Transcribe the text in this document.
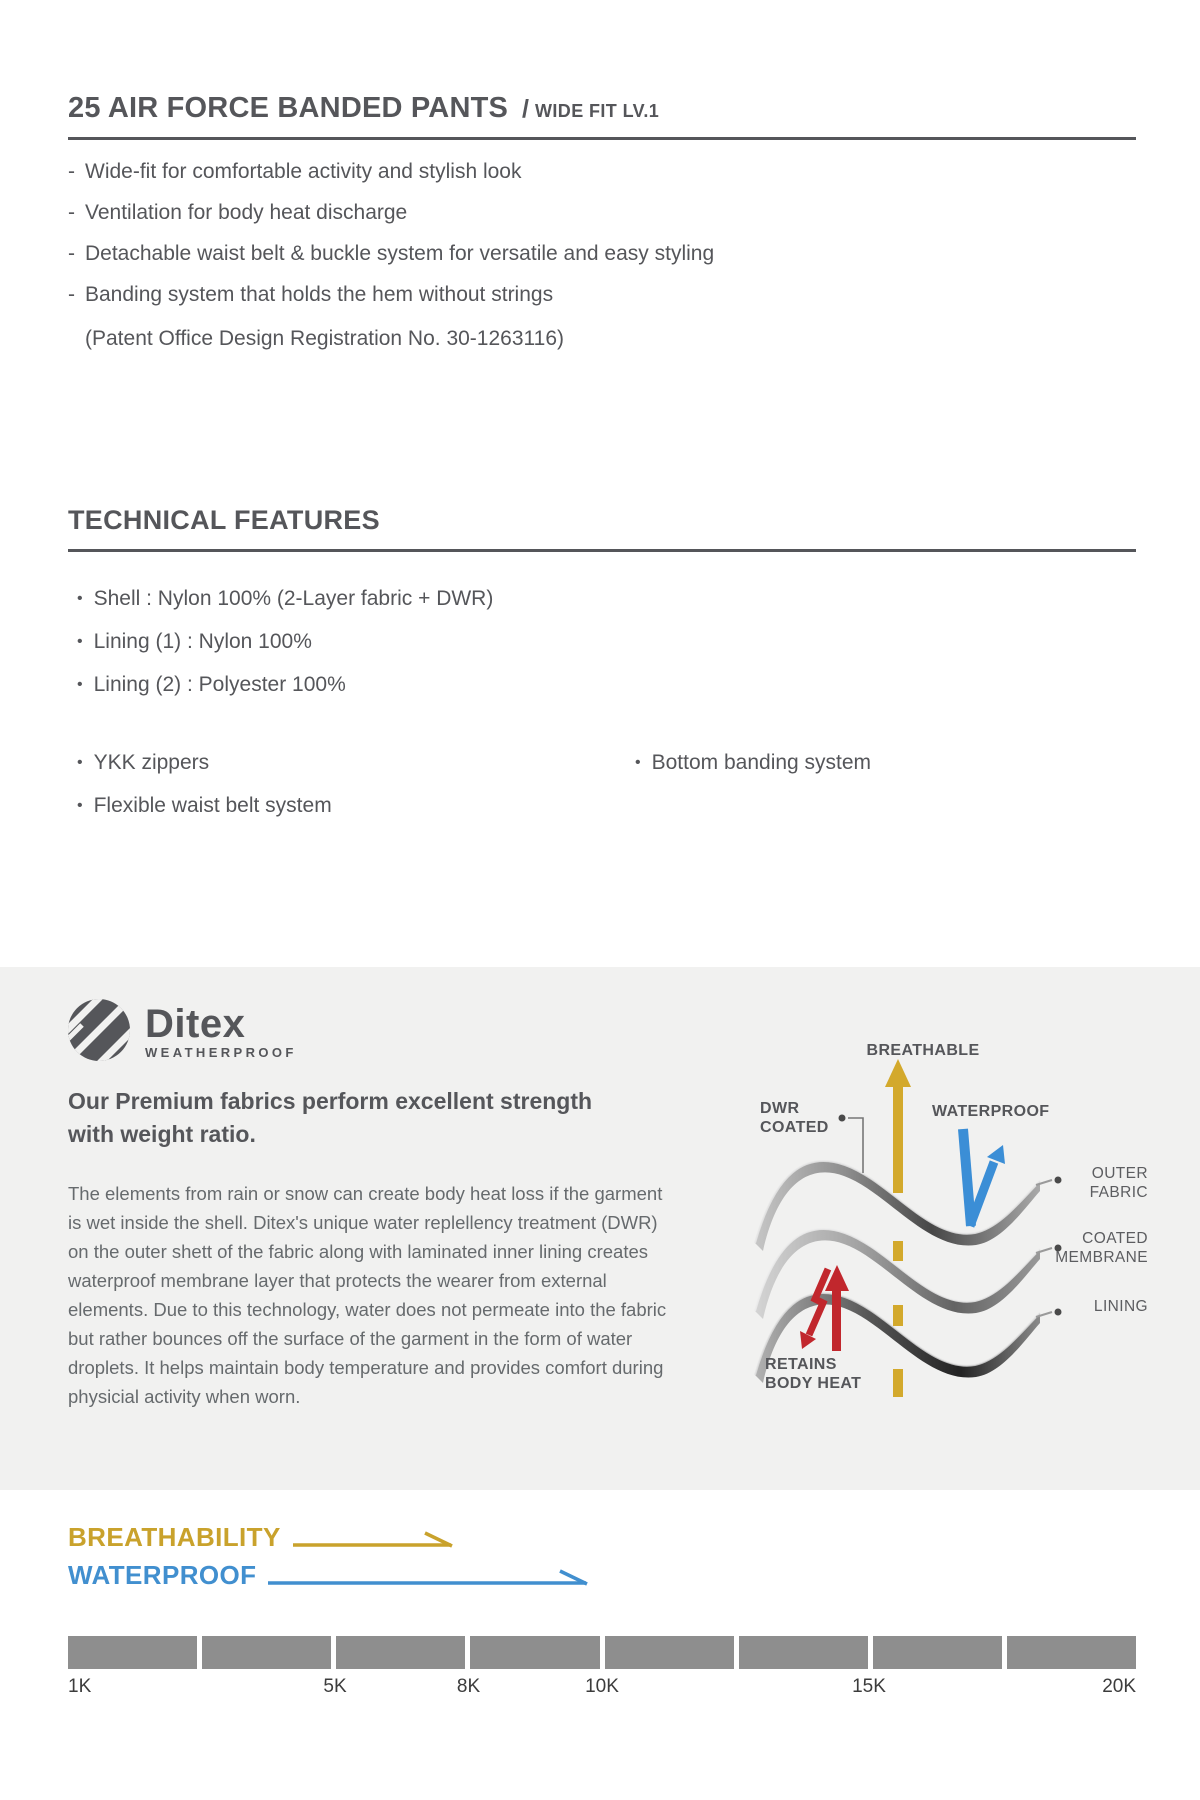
25 AIR FORCE BANDED PANTS / WIDE FIT LV.1
- Wide-fit for comfortable activity and stylish look
- Ventilation for body heat discharge
- Detachable waist belt & buckle system for versatile and easy styling
- Banding system that holds the hem without strings
(Patent Office Design Registration No. 30-1263116)
TECHNICAL FEATURES
• Shell : Nylon 100% (2-Layer fabric + DWR)
• Lining (1) : Nylon 100%
• Lining (2) : Polyester 100%
• YKK zippers
• Flexible waist belt system
• Bottom banding system
Ditex
WEATHERPROOF
Our Premium fabrics perform excellent strength with weight ratio.

The elements from rain or snow can create body heat loss if the garment is wet inside the shell. Ditex's unique water replellency treatment (DWR) on the outer shett of the fabric along with laminated inner lining creates waterproof membrane layer that protects the wearer from external elements. Due to this technology, water does not permeate into the fabric but rather bounces off the surface of the garment in the form of water droplets. It helps maintain body temperature and provides comfort during physicial activity when worn.

BREATHABLE
DWR
COATED
WATERPROOF
OUTER
FABRIC
COATED
MEMBRANE
LINING
RETAINS
BODY HEAT
BREATHABILITY
WATERPROOF
1K	5K	8K	10K	15K	20K
